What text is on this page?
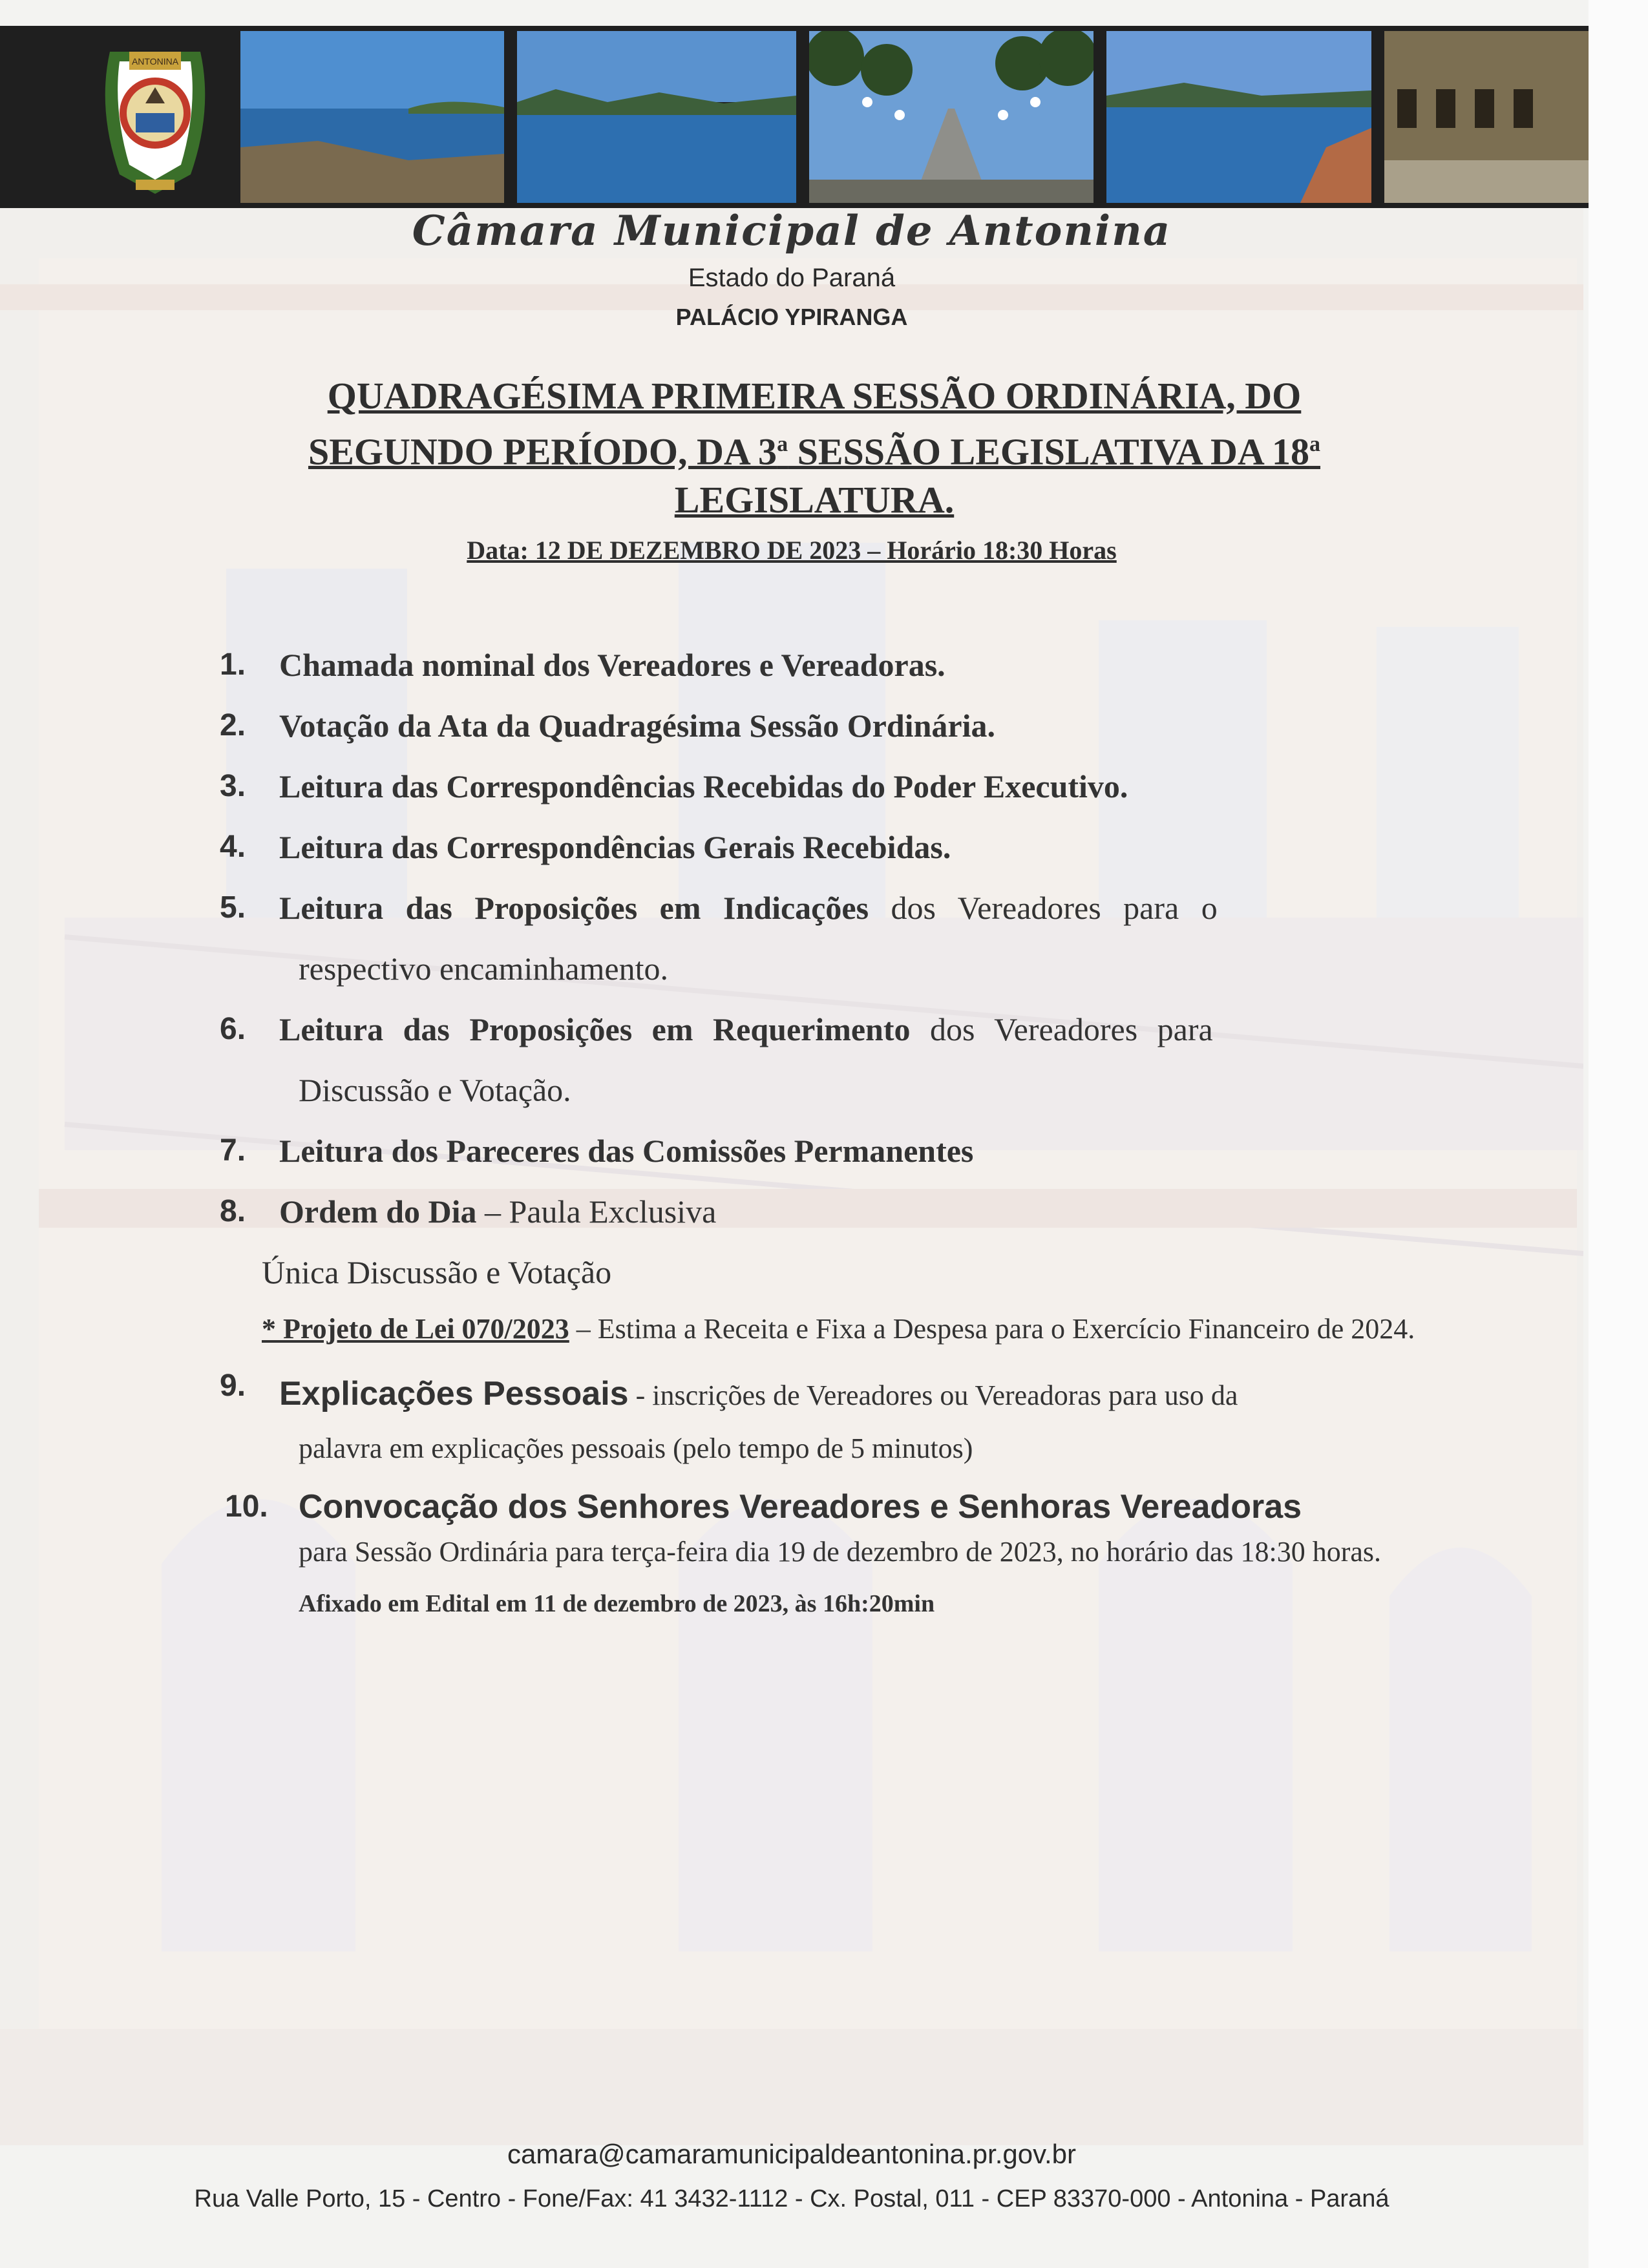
ANTONINA
Câmara Municipal de Antonina
Estado do Paraná
PALÁCIO YPIRANGA
QUADRAGÉSIMA PRIMEIRA SESSÃO ORDINÁRIA, DO
SEGUNDO PERÍODO, DA 3$^a$ SESSÃO LEGISLATIVA DA 18$^a$
LEGISLATURA.
Data: 12 DE DEZEMBRO DE 2023 – Horário 18:30 Horas
1. Chamada nominal dos Vereadores e Vereadoras.
2. Votação da Ata da Quadragésima Sessão Ordinária.
3. Leitura das Correspondências Recebidas do Poder Executivo.
4. Leitura das Correspondências Gerais Recebidas.
5. Leitura das Proposições em Indicações dos Vereadores para o
respectivo encaminhamento.
6. Leitura das Proposições em Requerimento dos Vereadores para
Discussão e Votação.
7. Leitura dos Pareceres das Comissões Permanentes
8. Ordem do Dia – Paula Exclusiva
Única Discussão e Votação
* Projeto de Lei 070/2023 – Estima a Receita e Fixa a Despesa para o Exercício Financeiro de 2024.
9. Explicações Pessoais - inscrições de Vereadores ou Vereadoras para uso da
palavra em explicações pessoais (pelo tempo de 5 minutos)
10. Convocação dos Senhores Vereadores e Senhoras Vereadoras
para Sessão Ordinária para terça-feira dia 19 de dezembro de 2023, no horário das 18:30 horas.
Afixado em Edital em 11 de dezembro de 2023, às 16h:20min
camara@camaramunicipaldeantonina.pr.gov.br
Rua Valle Porto, 15 - Centro - Fone/Fax: 41 3432-1112 - Cx. Postal, 011 - CEP 83370-000 - Antonina - Paraná
